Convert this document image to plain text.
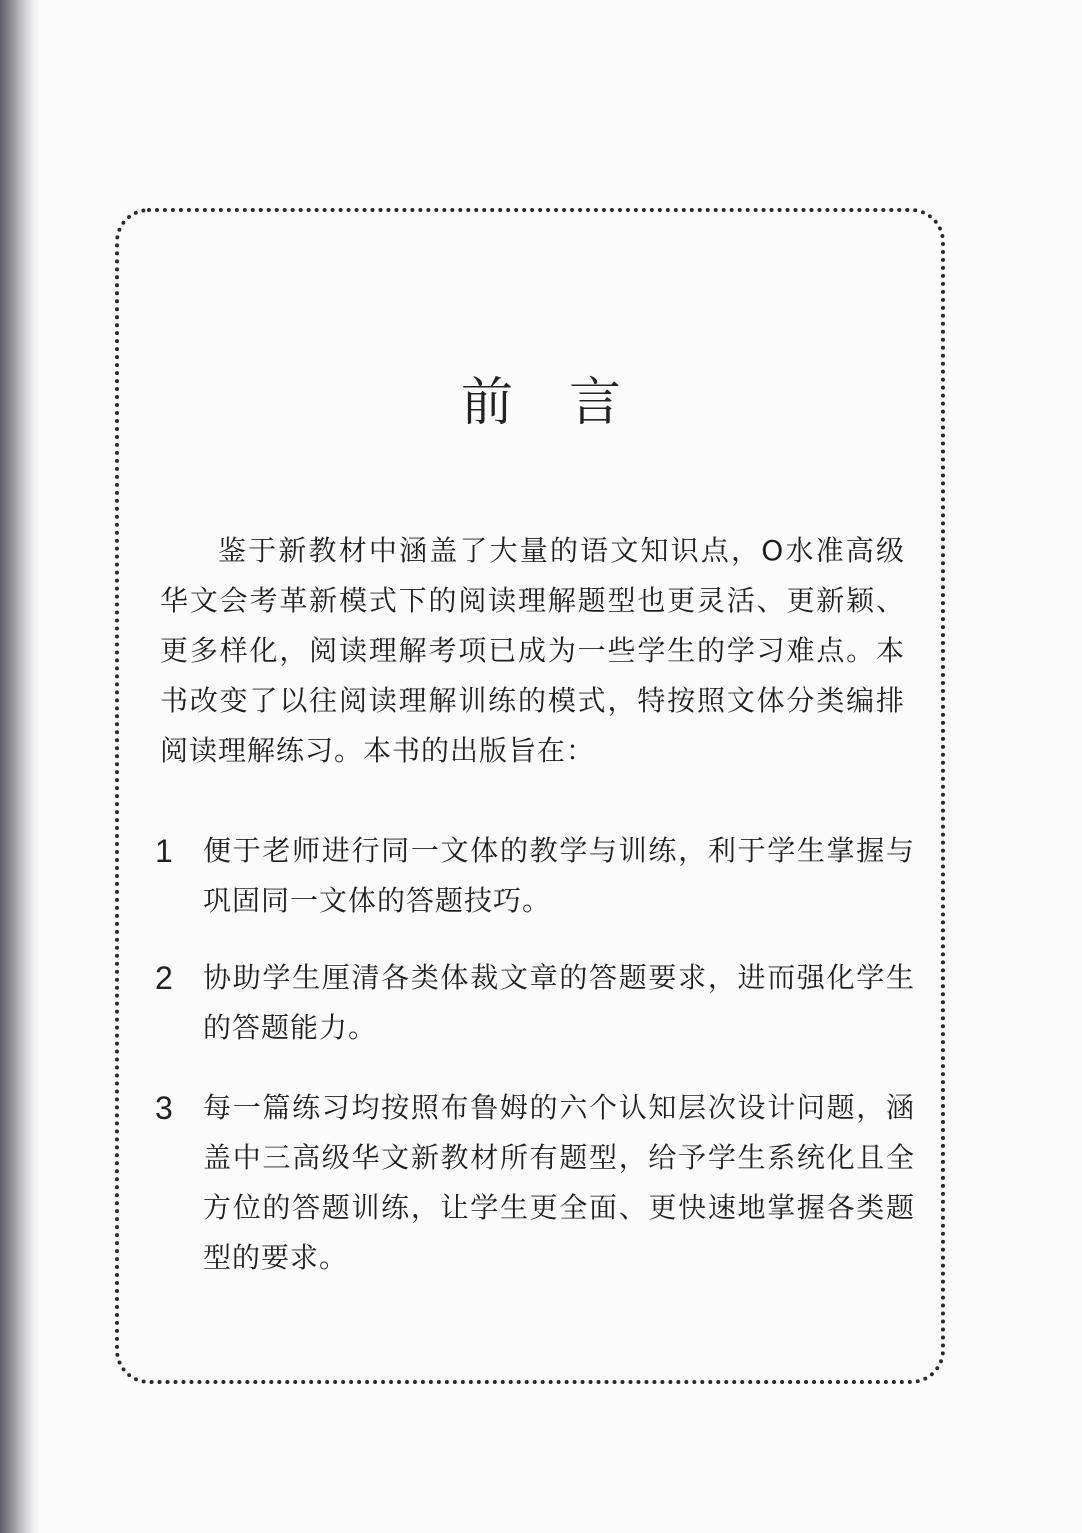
前言
鉴于新教材中涵盖了大量的语文知识点，O水准高级华文会考革新模式下的阅读理解题型也更灵活、更新颖、更多样化，阅读理解考项已成为一些学生的学习难点。本书改变了以往阅读理解训练的模式，特按照文体分类编排阅读理解练习。本书的出版旨在：
1	便于老师进行同一文体的教学与训练，利于学生掌握与巩固同一文体的答题技巧。
2	协助学生厘清各类体裁文章的答题要求，进而强化学生的答题能力。
3	每一篇练习均按照布鲁姆的六个认知层次设计问题，涵盖中三高级华文新教材所有题型，给予学生系统化且全方位的答题训练，让学生更全面、更快速地掌握各类题型的要求。
